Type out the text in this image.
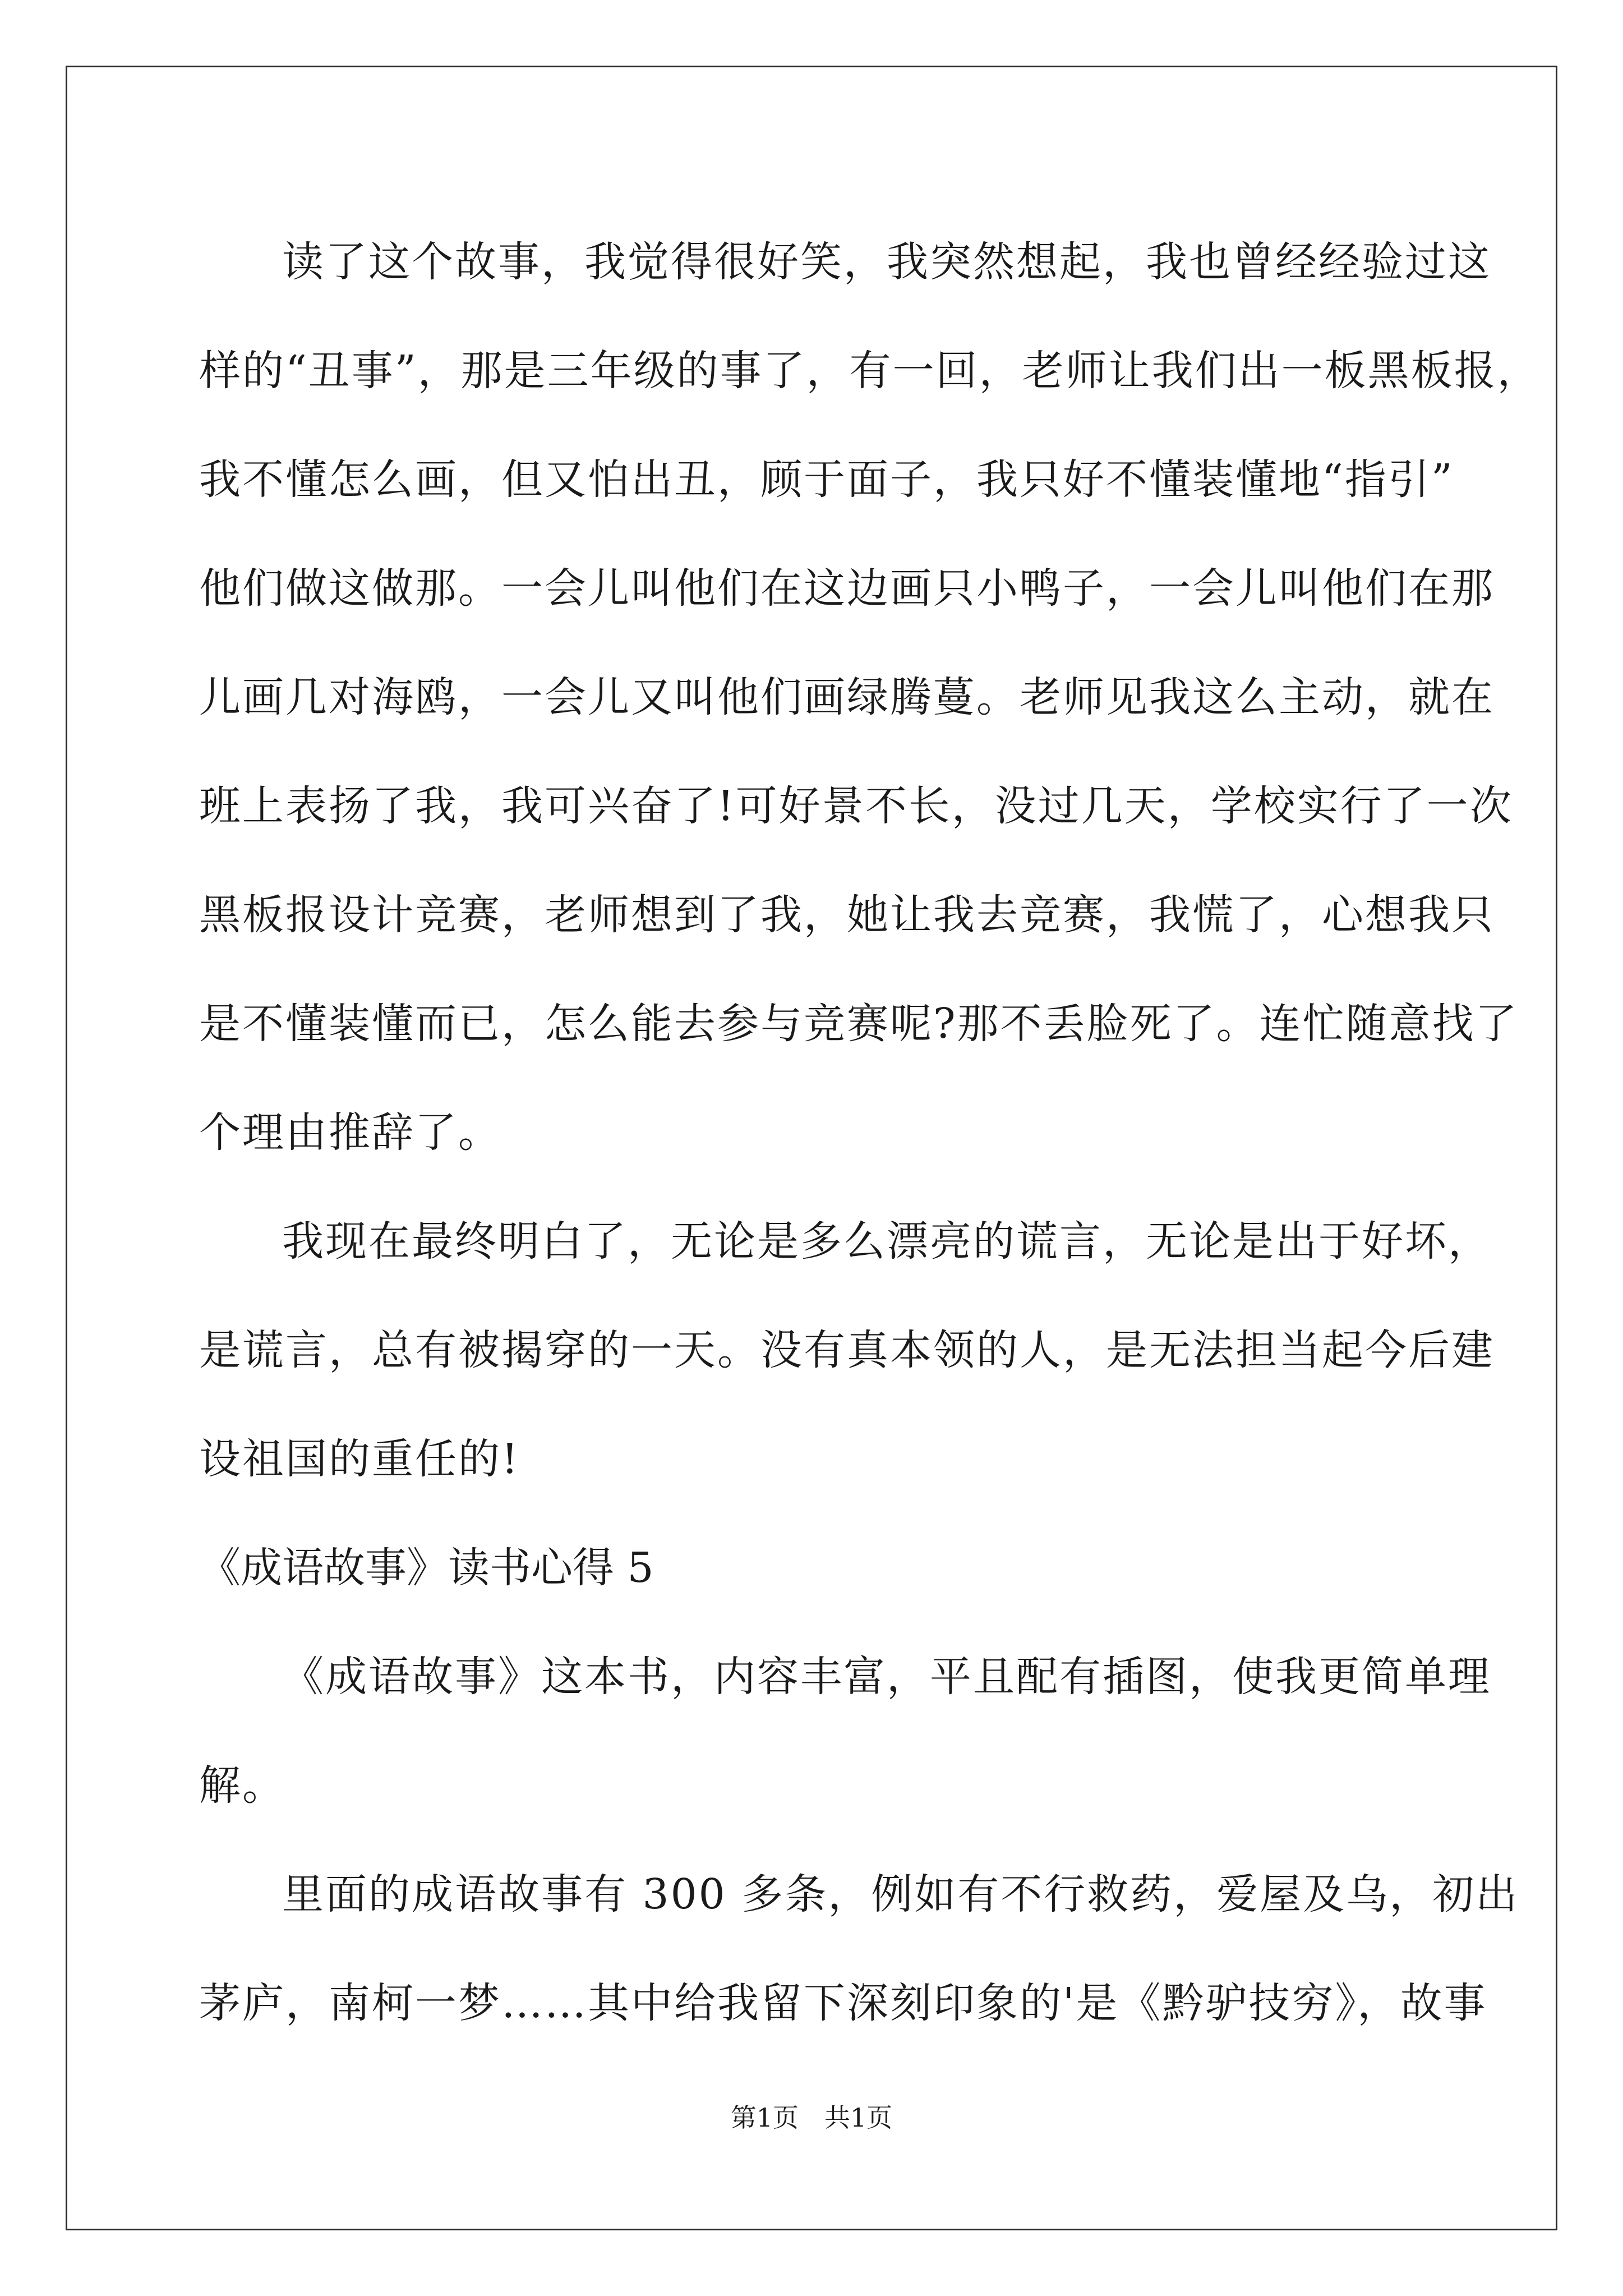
读了这个故事，我觉得很好笑，我突然想起，我也曾经经验过这
样的“丑事”，那是三年级的事了，有一回，老师让我们出一板黑板报，
我不懂怎么画，但又怕出丑，顾于面子，我只好不懂装懂地“指引”
他们做这做那。一会儿叫他们在这边画只小鸭子，一会儿叫他们在那
儿画几对海鸥，一会儿又叫他们画绿腾蔓。老师见我这么主动，就在
班上表扬了我，我可兴奋了!可好景不长，没过几天，学校实行了一次
黑板报设计竞赛，老师想到了我，她让我去竞赛，我慌了，心想我只
是不懂装懂而已，怎么能去参与竞赛呢?那不丢脸死了。连忙随意找了
个理由推辞了。
我现在最终明白了，无论是多么漂亮的谎言，无论是出于好坏，
是谎言，总有被揭穿的一天。没有真本领的人，是无法担当起今后建
设祖国的重任的!
《成语故事》读书心得 5
《成语故事》这本书，内容丰富，平且配有插图，使我更简单理
解。
里面的成语故事有 300 多条，例如有不行救药，爱屋及乌，初出
茅庐，南柯一梦……其中给我留下深刻印象的'是《黔驴技穷》，故事
第1页　共1页
